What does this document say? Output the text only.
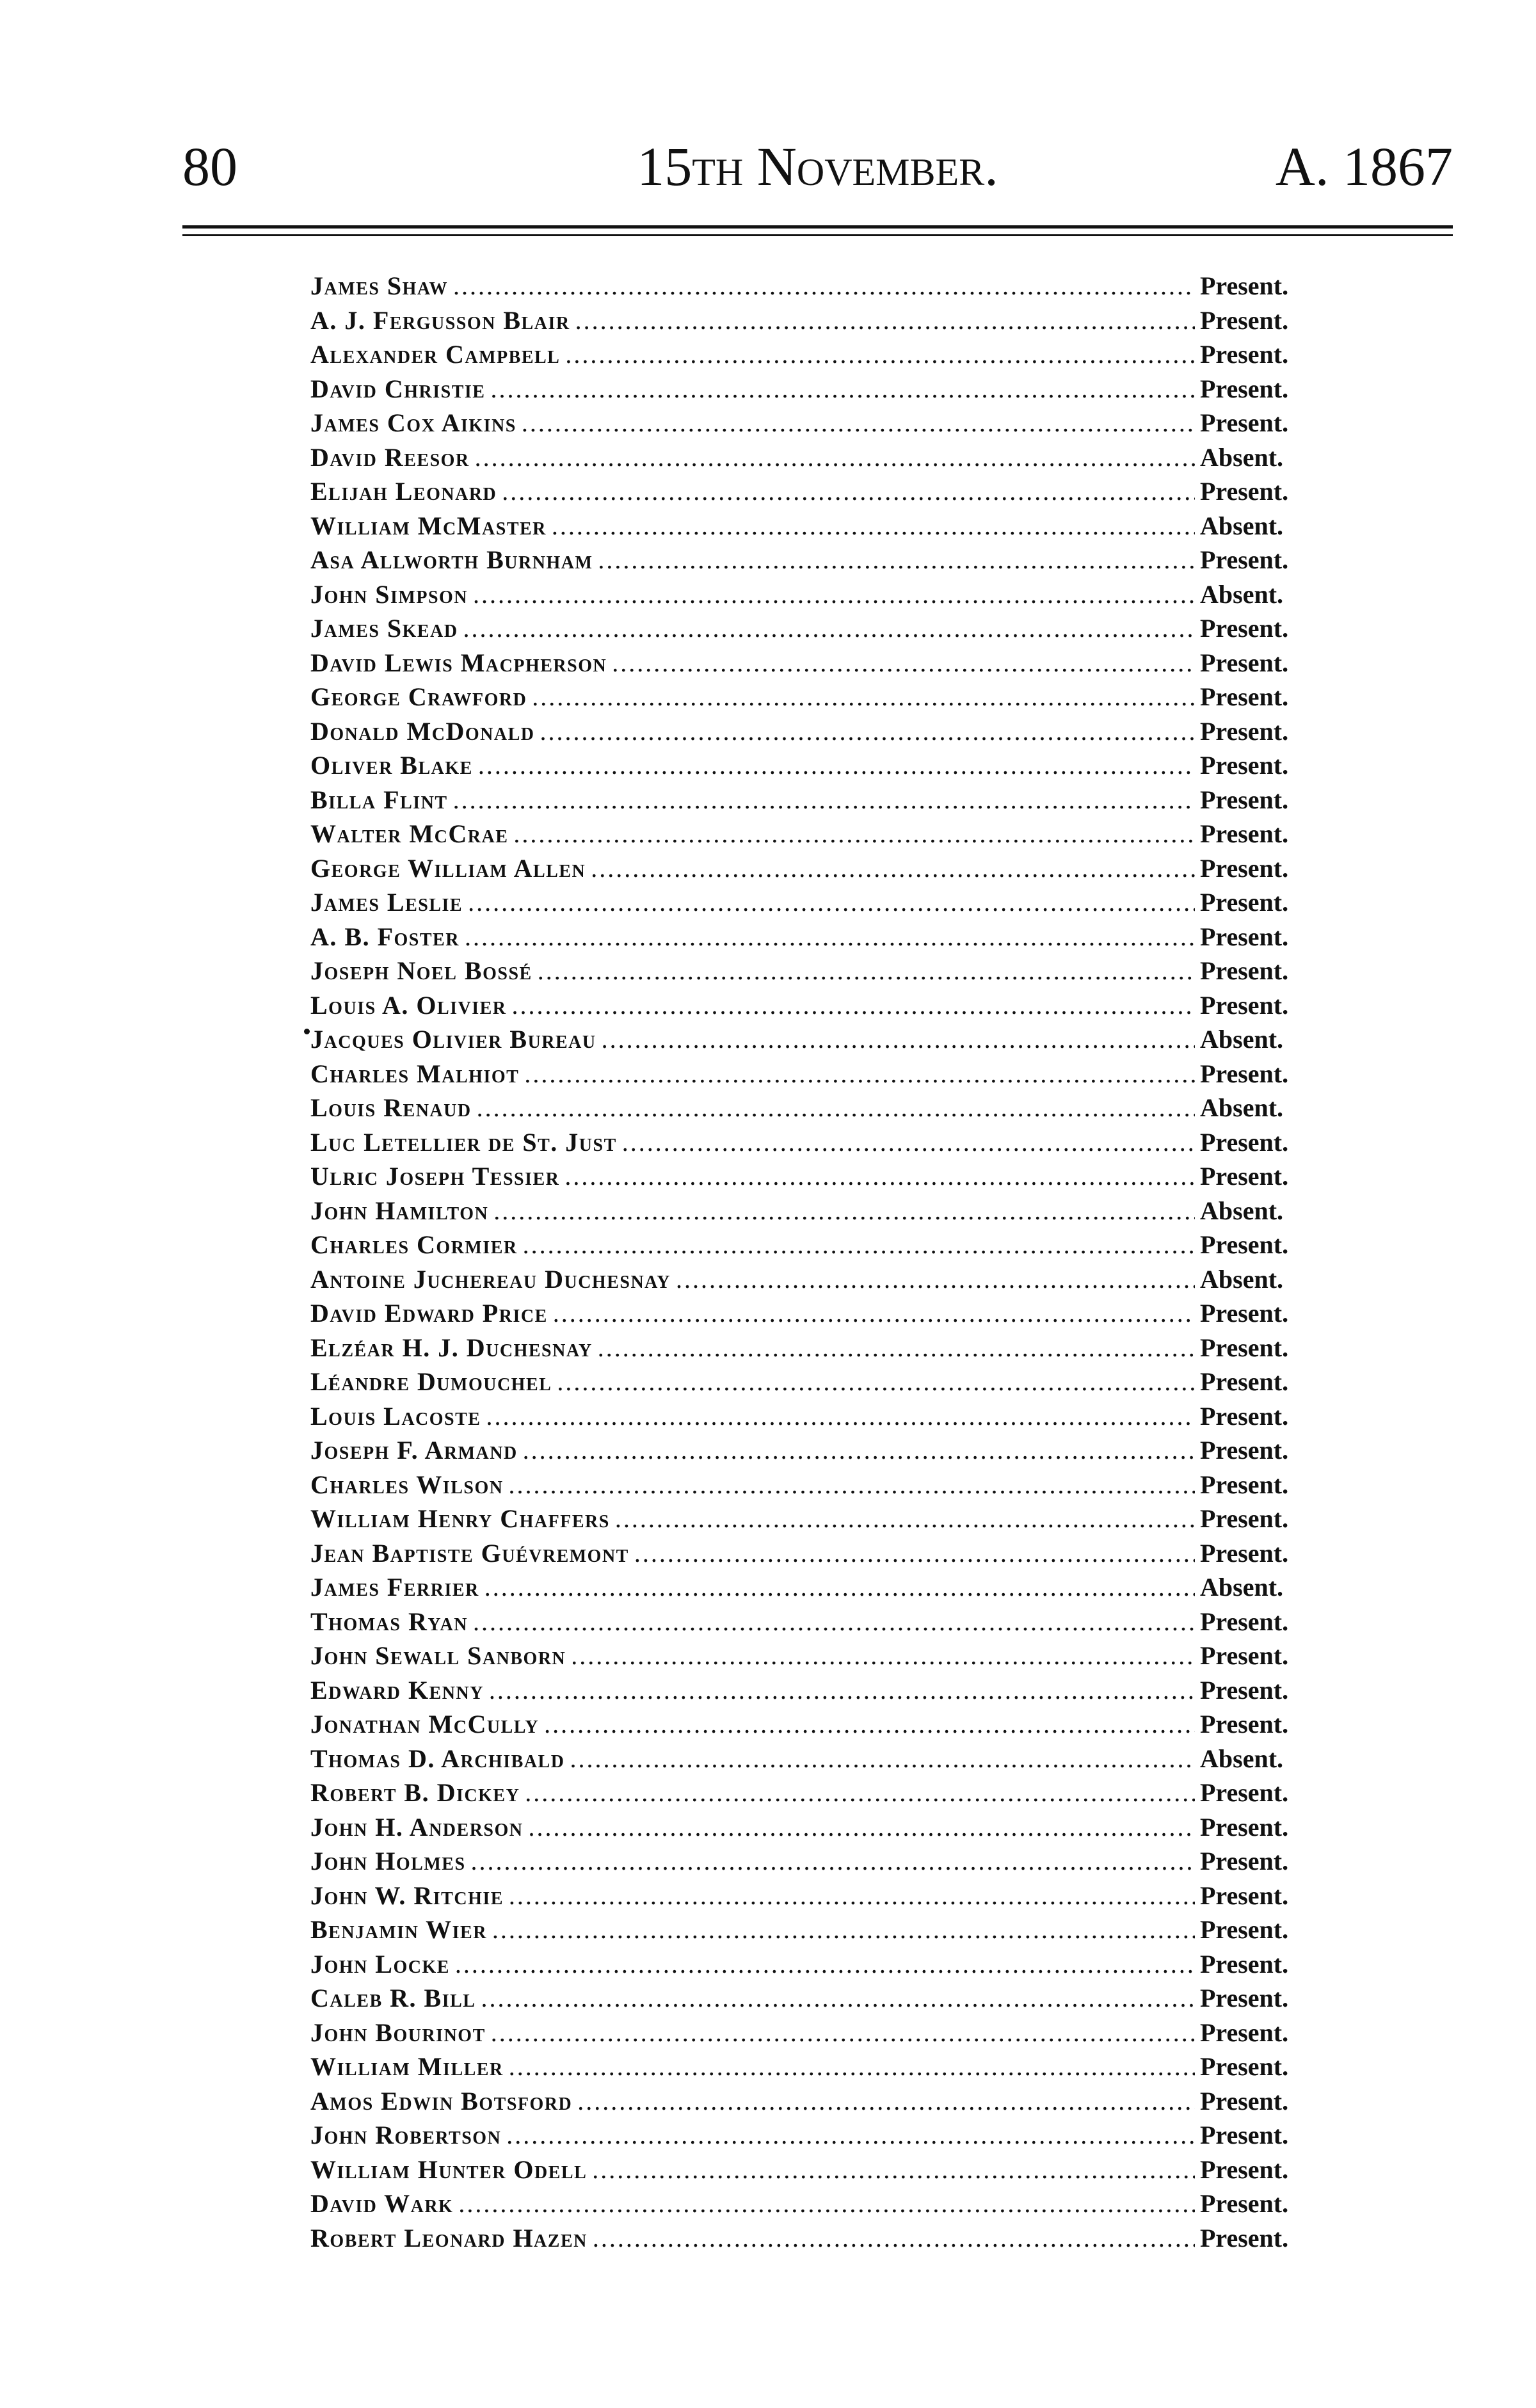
80	15th November.	A. 1867
James Shaw .....	Present.
A. J. Fergusson Blair .....	Present.
Alexander Campbell .....	Present.
David Christie .....	Present.
James Cox Aikins .....	Present.
David Reesor .....	Absent.
Elijah Leonard .....	Present.
William McMaster .....	Absent.
Asa Allworth Burnham .....	Present.
John Simpson .....	Absent.
James Skead .....	Present.
David Lewis Macpherson .....	Present.
George Crawford .....	Present.
Donald McDonald .....	Present.
Oliver Blake .....	Present.
Billa Flint .....	Present.
Walter McCrae .....	Present.
George William Allen .....	Present.
James Leslie .....	Present.
A. B. Foster .....	Present.
Joseph Noel Bossé .....	Present.
Louis A. Olivier .....	Present.
Jacques Olivier Bureau .....	Absent.
Charles Malhiot .....	Present.
Louis Renaud .....	Absent.
Luc Letellier de St. Just .....	Present.
Ulric Joseph Tessier .....	Present.
John Hamilton .....	Absent.
Charles Cormier .....	Present.
Antoine Juchereau Duchesnay .....	Absent.
David Edward Price .....	Present.
Elzéar H. J. Duchesnay .....	Present.
Léandre Dumouchel .....	Present.
Louis Lacoste .....	Present.
Joseph F. Armand .....	Present.
Charles Wilson .....	Present.
William Henry Chaffers .....	Present.
Jean Baptiste Guévremont .....	Present.
James Ferrier .....	Absent.
Thomas Ryan .....	Present.
John Sewall Sanborn .....	Present.
Edward Kenny .....	Present.
Jonathan McCully .....	Present.
Thomas D. Archibald .....	Absent.
Robert B. Dickey .....	Present.
John H. Anderson .....	Present.
John Holmes .....	Present.
John W. Ritchie .....	Present.
Benjamin Wier .....	Present.
John Locke .....	Present.
Caleb R. Bill .....	Present.
John Bourinot .....	Present.
William Miller .....	Present.
Amos Edwin Botsford .....	Present.
John Robertson .....	Present.
William Hunter Odell .....	Present.
David Wark .....	Present.
Robert Leonard Hazen .....	Present.
